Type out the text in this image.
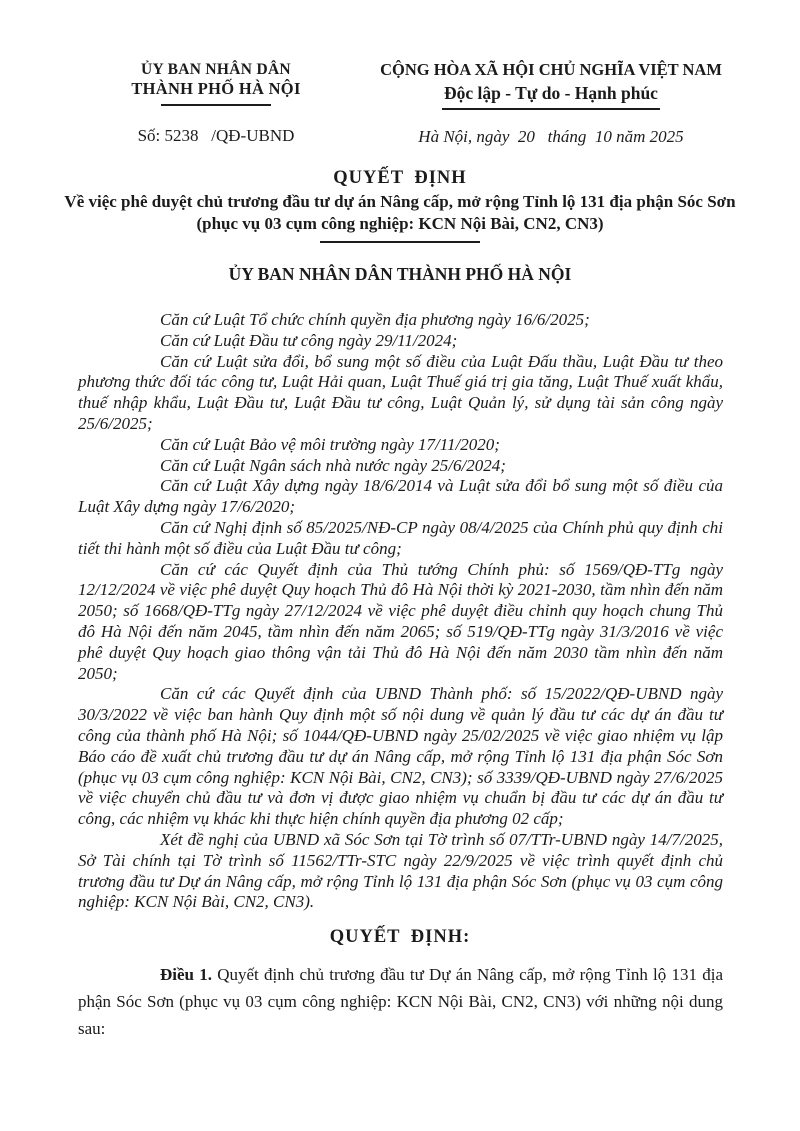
ỦY BAN NHÂN DÂN
THÀNH PHỐ HÀ NỘI
Số: 5238   /QĐ-UBND
CỘNG HÒA XÃ HỘI CHỦ NGHĨA VIỆT NAM
Độc lập - Tự do - Hạnh phúc
Hà Nội, ngày  20   tháng  10 năm 2025
QUYẾT ĐỊNH
Về việc phê duyệt chủ trương đầu tư dự án Nâng cấp, mở rộng Tỉnh lộ 131 địa phận Sóc Sơn (phục vụ 03 cụm công nghiệp: KCN Nội Bài, CN2, CN3)
ỦY BAN NHÂN DÂN THÀNH PHỐ HÀ NỘI

Căn cứ Luật Tổ chức chính quyền địa phương ngày 16/6/2025;

Căn cứ Luật Đầu tư công ngày 29/11/2024;

Căn cứ Luật sửa đổi, bổ sung một số điều của Luật Đấu thầu, Luật Đầu tư theo phương thức đối tác công tư, Luật Hải quan, Luật Thuế giá trị gia tăng, Luật Thuế xuất khẩu, thuế nhập khẩu, Luật Đầu tư, Luật Đầu tư công, Luật Quản lý, sử dụng tài sản công ngày 25/6/2025;

Căn cứ Luật Bảo vệ môi trường ngày 17/11/2020;

Căn cứ Luật Ngân sách nhà nước ngày 25/6/2024;

Căn cứ Luật Xây dựng ngày 18/6/2014 và Luật sửa đổi bổ sung một số điều của Luật Xây dựng ngày 17/6/2020;

Căn cứ Nghị định số 85/2025/NĐ-CP ngày 08/4/2025 của Chính phủ quy định chi tiết thi hành một số điều của Luật Đầu tư công;

Căn cứ các Quyết định của Thủ tướng Chính phủ: số 1569/QĐ-TTg ngày 12/12/2024 về việc phê duyệt Quy hoạch Thủ đô Hà Nội thời kỳ 2021-2030, tầm nhìn đến năm 2050; số 1668/QĐ-TTg ngày 27/12/2024 về việc phê duyệt điều chỉnh quy hoạch chung Thủ đô Hà Nội đến năm 2045, tầm nhìn đến năm 2065; số 519/QĐ-TTg ngày 31/3/2016 về việc phê duyệt Quy hoạch giao thông vận tải Thủ đô Hà Nội đến năm 2030 tầm nhìn đến năm 2050;

Căn cứ các Quyết định của UBND Thành phố: số 15/2022/QĐ-UBND ngày 30/3/2022 về việc ban hành Quy định một số nội dung về quản lý đầu tư các dự án đầu tư công của thành phố Hà Nội; số 1044/QĐ-UBND ngày 25/02/2025 về việc giao nhiệm vụ lập Báo cáo đề xuất chủ trương đầu tư dự án Nâng cấp, mở rộng Tỉnh lộ 131 địa phận Sóc Sơn (phục vụ 03 cụm công nghiệp: KCN Nội Bài, CN2, CN3); số 3339/QĐ-UBND ngày 27/6/2025 về việc chuyển chủ đầu tư và đơn vị được giao nhiệm vụ chuẩn bị đầu tư các dự án đầu tư công, các nhiệm vụ khác khi thực hiện chính quyền địa phương 02 cấp;

Xét đề nghị của UBND xã Sóc Sơn tại Tờ trình số 07/TTr-UBND ngày 14/7/2025, Sở Tài chính tại Tờ trình số 11562/TTr-STC ngày 22/9/2025 về việc trình quyết định chủ trương đầu tư Dự án Nâng cấp, mở rộng Tỉnh lộ 131 địa phận Sóc Sơn (phục vụ 03 cụm công nghiệp: KCN Nội Bài, CN2, CN3).

QUYẾT ĐỊNH:

Điều 1. Quyết định chủ trương đầu tư Dự án Nâng cấp, mở rộng Tỉnh lộ 131 địa phận Sóc Sơn (phục vụ 03 cụm công nghiệp: KCN Nội Bài, CN2, CN3) với những nội dung sau:
